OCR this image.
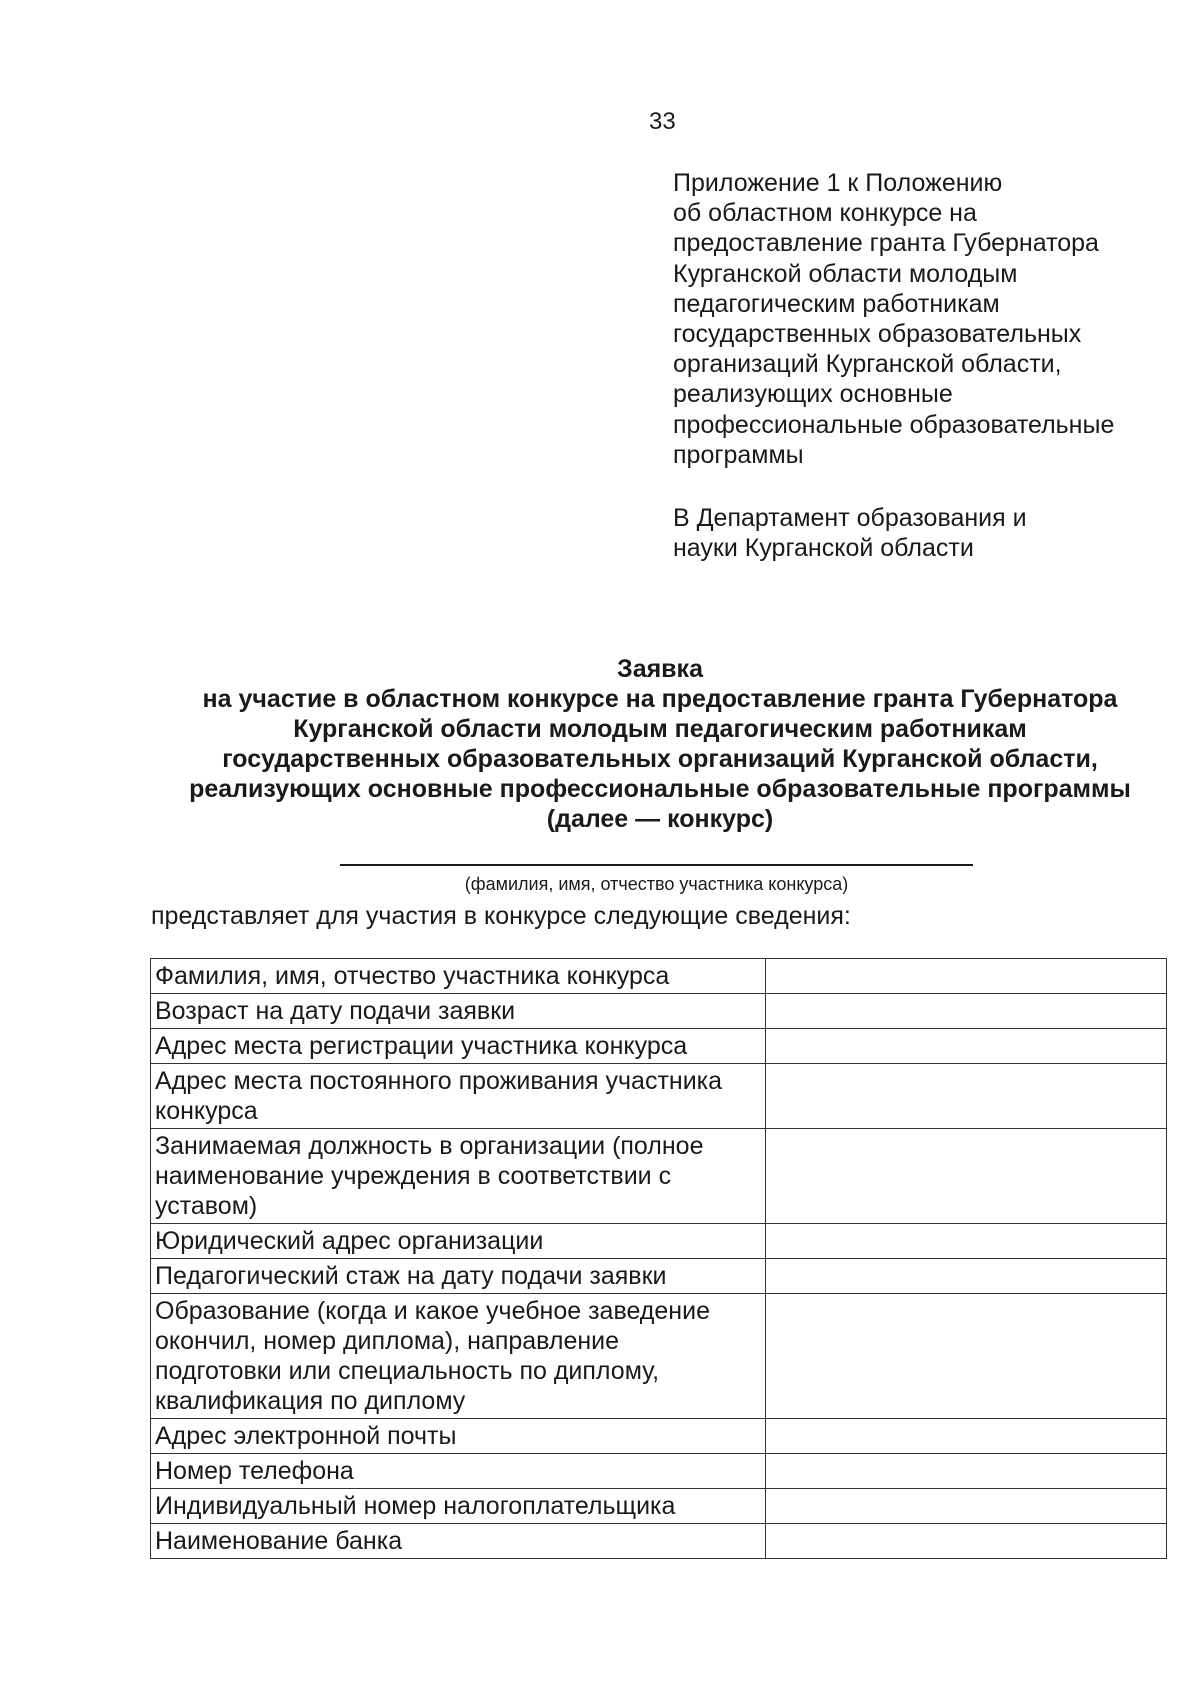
33
Приложение 1 к Положению
об областном конкурсе на
предоставление гранта Губернатора
Курганской области молодым
педагогическим работникам
государственных образовательных
организаций Курганской области,
реализующих основные
профессиональные образовательные
программы
В Департамент образования и
науки Курганской области
Заявка
на участие в областном конкурсе на предоставление гранта Губернатора
Курганской области молодым педагогическим работникам
государственных образовательных организаций Курганской области,
реализующих основные профессиональные образовательные программы
(далее — конкурс)
(фамилия, имя, отчество участника конкурса)
представляет для участия в конкурсе следующие сведения:
Фамилия, имя, отчество участника конкурса	

Возраст на дату подачи заявки	

Адрес места регистрации участника конкурса	

Адрес места постоянного проживания участника
конкурса	

Занимаемая должность в организации (полное
наименование учреждения в соответствии с
уставом)	

Юридический адрес организации	

Педагогический стаж на дату подачи заявки	

Образование (когда и какое учебное заведение
окончил, номер диплома), направление
подготовки или специальность по диплому,
квалификация по диплому	

Адрес электронной почты	

Номер телефона	

Индивидуальный номер налогоплательщика	

Наименование банка	
